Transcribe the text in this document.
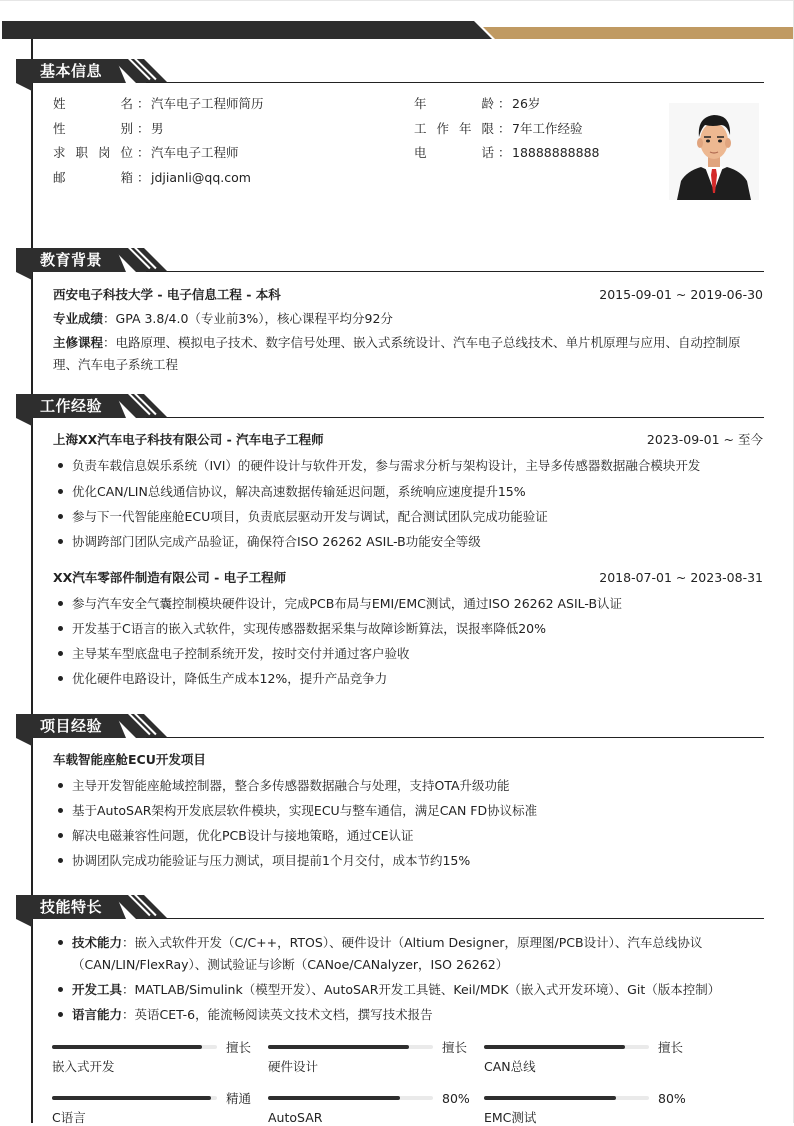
基本信息
姓	名 ： 汽车电子工程师简历
性	别 ： 男
求 职 岗 位 ： 汽车电子工程师
邮	箱 ： jdjianli@qq.com
年	龄 ： 26岁
工 作 年 限 ： 7年工作经验
电	话 ： 18888888888
教育背景
西安电子科技大学 - 电子信息工程 - 本科	2015-09-01 ~ 2019-06-30
专业成绩：GPA 3.8/4.0（专业前3%），核心课程平均分92分
主修课程：电路原理、模拟电子技术、数字信号处理、嵌入式系统设计、汽车电子总线技术、单片机原理与应用、自动控制原
理、汽车电子系统工程
工作经验
上海XX汽车电子科技有限公司 - 汽车电子工程师	2023-09-01 ~ 至今
负责车载信息娱乐系统（IVI）的硬件设计与软件开发，参与需求分析与架构设计，主导多传感器数据融合模块开发
优化CAN/LIN总线通信协议，解决高速数据传输延迟问题，系统响应速度提升15%
参与下一代智能座舱ECU项目，负责底层驱动开发与调试，配合测试团队完成功能验证
协调跨部门团队完成产品验证，确保符合ISO 26262 ASIL-B功能安全等级
XX汽车零部件制造有限公司 - 电子工程师	2018-07-01 ~ 2023-08-31
参与汽车安全气囊控制模块硬件设计，完成PCB布局与EMI/EMC测试，通过ISO 26262 ASIL-B认证
开发基于C语言的嵌入式软件，实现传感器数据采集与故障诊断算法，误报率降低20%
主导某车型底盘电子控制系统开发，按时交付并通过客户验收
优化硬件电路设计，降低生产成本12%，提升产品竞争力
项目经验
车载智能座舱ECU开发项目
主导开发智能座舱域控制器，整合多传感器数据融合与处理，支持OTA升级功能
基于AutoSAR架构开发底层软件模块，实现ECU与整车通信，满足CAN FD协议标准
解决电磁兼容性问题，优化PCB设计与接地策略，通过CE认证
协调团队完成功能验证与压力测试，项目提前1个月交付，成本节约15%
技能特长
技术能力：嵌入式软件开发（C/C++，RTOS）、硬件设计（Altium Designer，原理图/PCB设计）、汽车总线协议
（CAN/LIN/FlexRay）、测试验证与诊断（CANoe/CANalyzer，ISO 26262）
开发工具：MATLAB/Simulink（模型开发）、AutoSAR开发工具链、Keil/MDK（嵌入式开发环境）、Git（版本控制）
语言能力：英语CET-6，能流畅阅读英文技术文档，撰写技术报告
擅长
嵌入式开发
擅长
硬件设计
擅长
CAN总线
精通
C语言
80%
AutoSAR
80%
EMC测试
